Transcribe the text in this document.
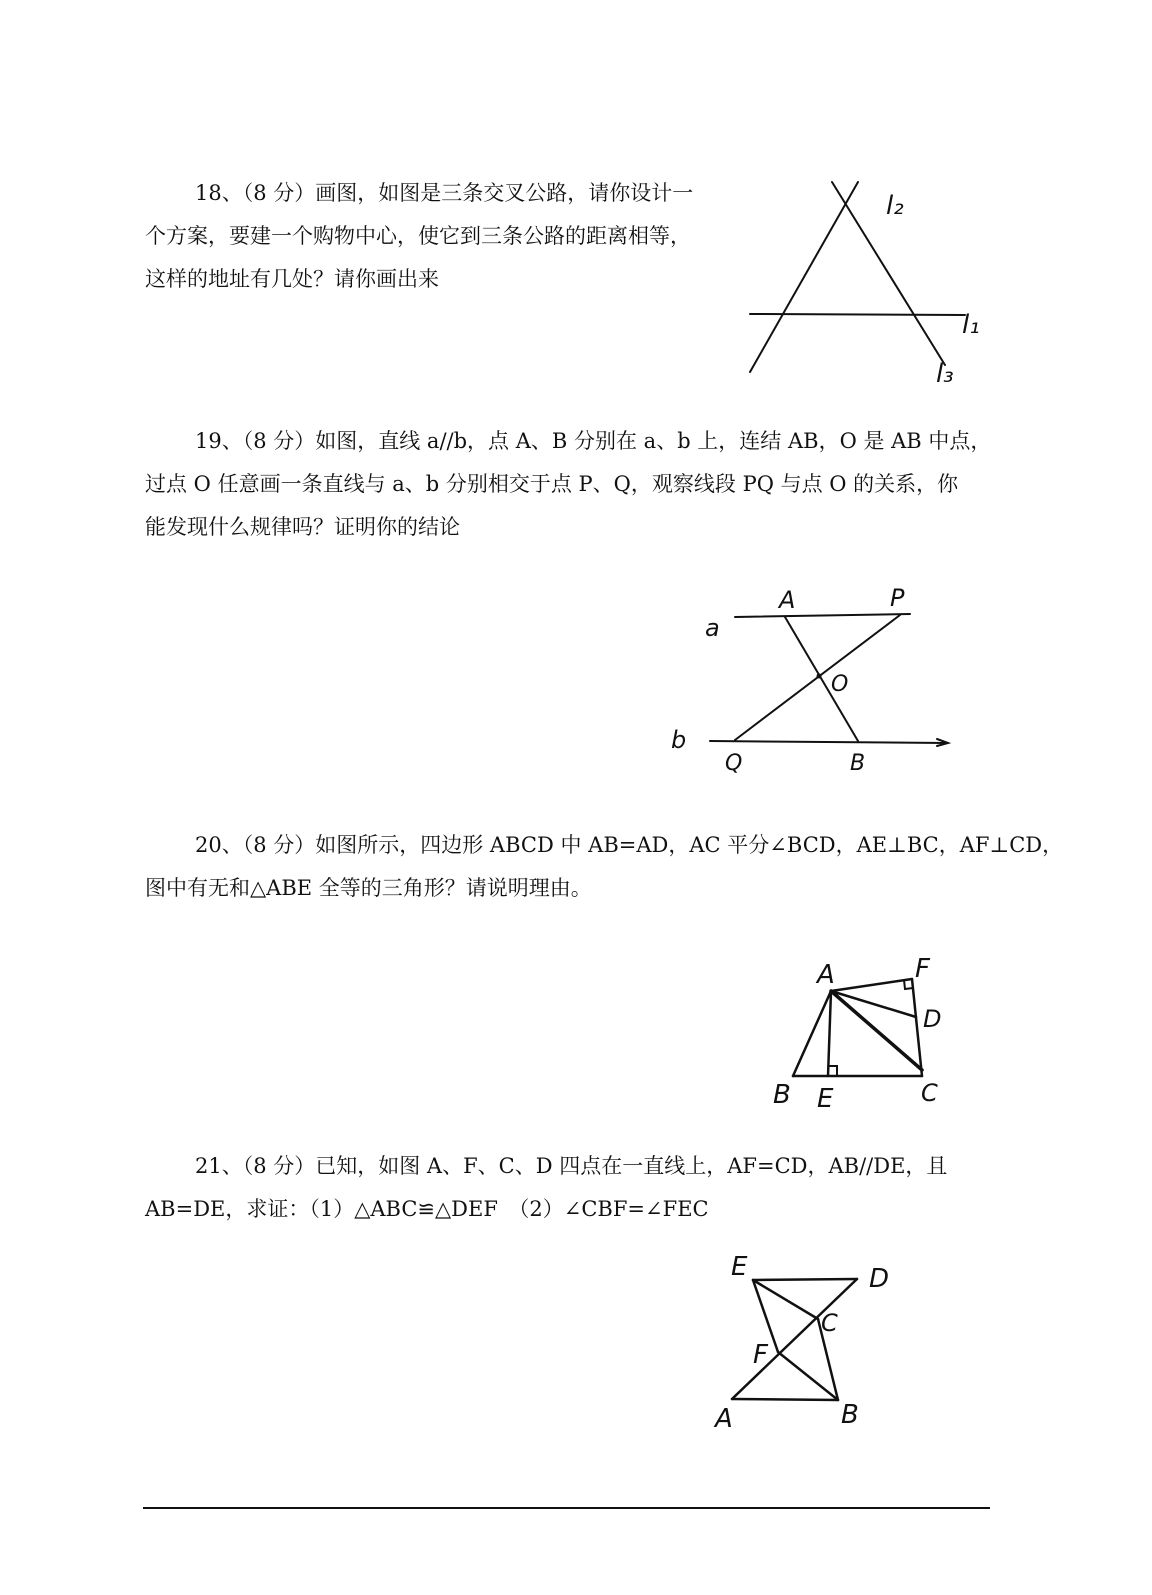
18、（8 分）画图，如图是三条交叉公路，请你设计一
个方案，要建一个购物中心，使它到三条公路的距离相等，
这样的地址有几处？请你画出来
l₂
l₁
l₃
19、（8 分）如图，直线 a//b，点 A、B 分别在 a、b 上，连结 AB，O 是 AB 中点，
过点 O 任意画一条直线与 a、b 分别相交于点 P、Q，观察线段 PQ 与点 O 的关系，你
能发现什么规律吗？证明你的结论
a
A	P
O
b
Q	B
20、（8 分）如图所示，四边形 ABCD 中 AB=AD，AC 平分∠BCD，AE⊥BC，AF⊥CD，
图中有无和△ABE 全等的三角形？请说明理由。
A	F
D
B E	C
21、（8 分）已知，如图 A、F、C、D 四点在一直线上，AF=CD，AB//DE，且
AB=DE，求证：（1）△ABC≌△DEF　（2）∠CBF=∠FEC
E	D
C
F
A	B
